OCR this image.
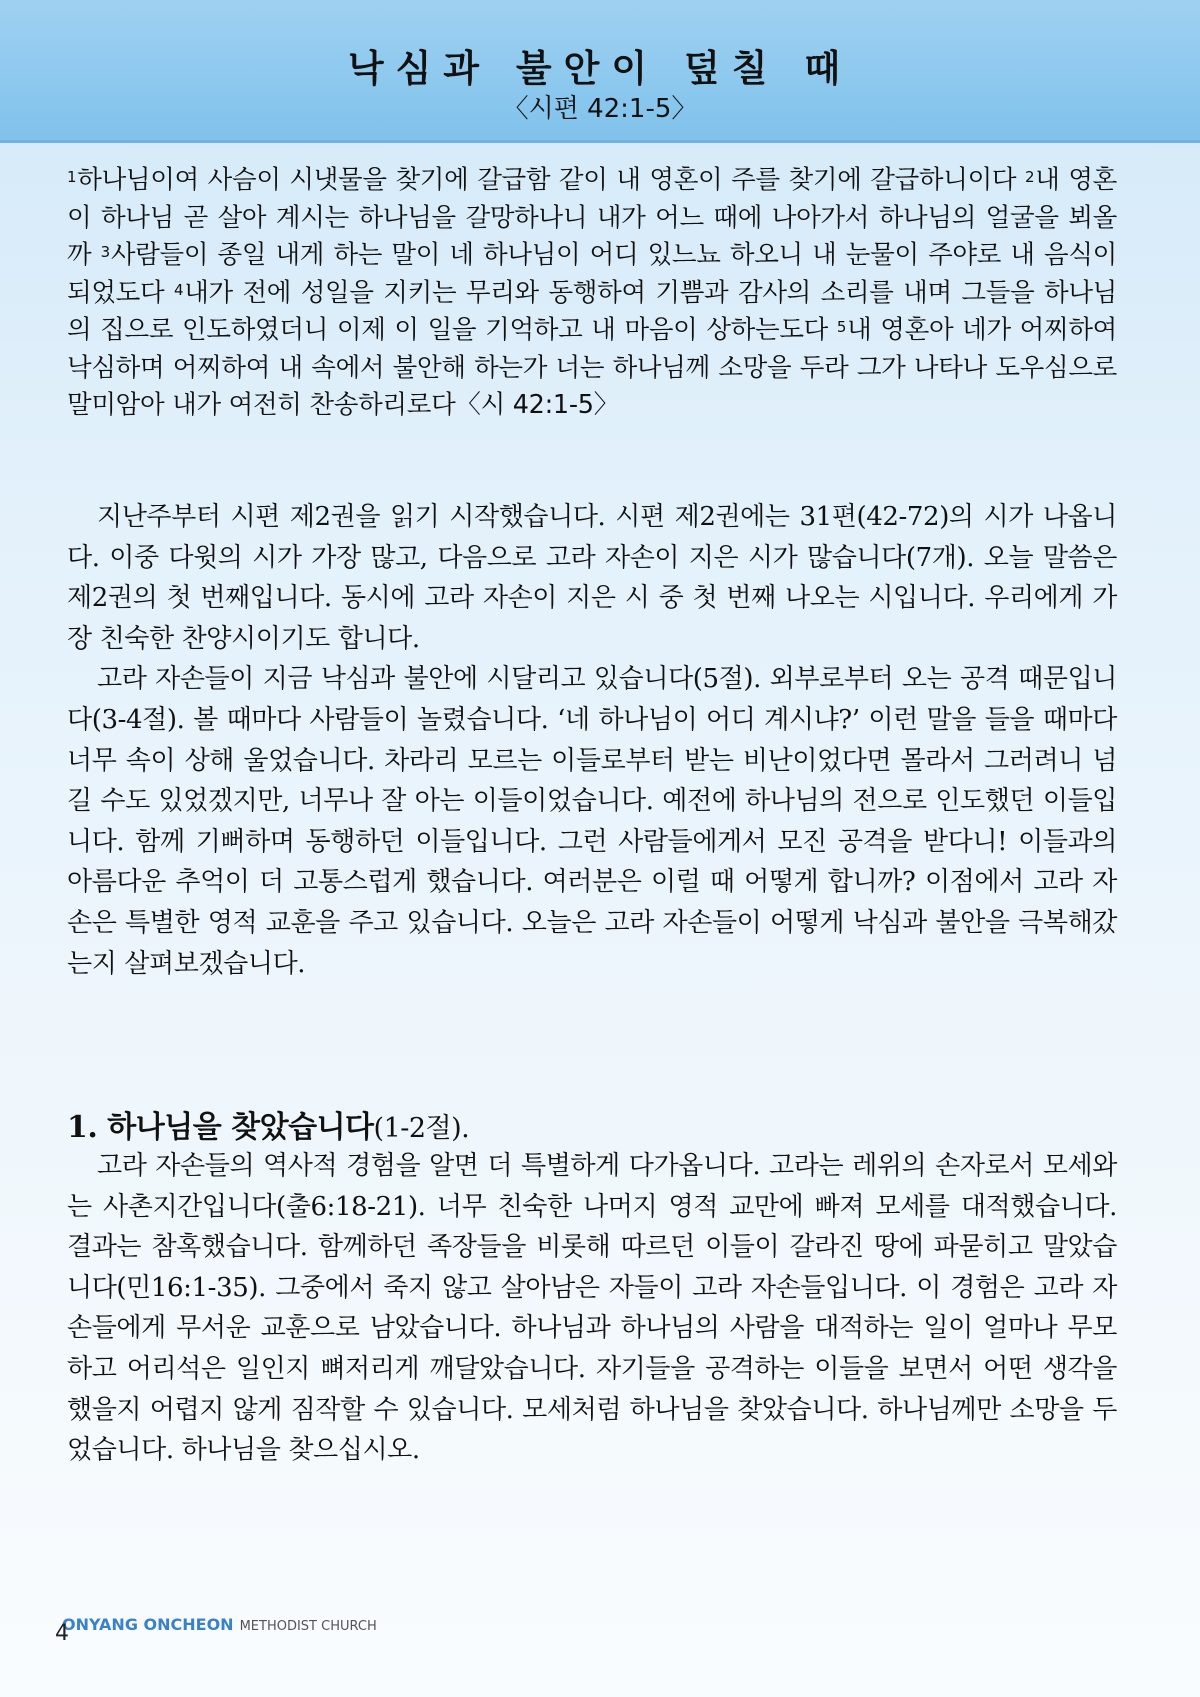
낙심과 불안이 덮칠 때
〈시편 42:1-5〉
$^1$하나님이여 사슴이 시냇물을 찾기에 갈급함 같이 내 영혼이 주를 찾기에 갈급하니이다 $^2$내 영혼이 하나님 곧 살아 계시는 하나님을 갈망하나니 내가 어느 때에 나아가서 하나님의 얼굴을 뵈올까 $^3$사람들이 종일 내게 하는 말이 네 하나님이 어디 있느뇨 하오니 내 눈물이 주야로 내 음식이 되었도다 $^4$내가 전에 성일을 지키는 무리와 동행하여 기쁨과 감사의 소리를 내며 그들을 하나님의 집으로 인도하였더니 이제 이 일을 기억하고 내 마음이 상하는도다 $^5$내 영혼아 네가 어찌하여 낙심하며 어찌하여 내 속에서 불안해 하는가 너는 하나님께 소망을 두라 그가 나타나 도우심으로 말미암아 내가 여전히 찬송하리로다〈시 42:1-5〉

지난주부터 시편 제2권을 읽기 시작했습니다. 시편 제2권에는 31편(42-72)의 시가 나옵니다. 이중 다윗의 시가 가장 많고, 다음으로 고라 자손이 지은 시가 많습니다(7개). 오늘 말씀은 제2권의 첫 번째입니다. 동시에 고라 자손이 지은 시 중 첫 번째 나오는 시입니다. 우리에게 가장 친숙한 찬양시이기도 합니다.

고라 자손들이 지금 낙심과 불안에 시달리고 있습니다(5절). 외부로부터 오는 공격 때문입니다(3-4절). 볼 때마다 사람들이 놀렸습니다. ‘네 하나님이 어디 계시냐?’ 이런 말을 들을 때마다 너무 속이 상해 울었습니다. 차라리 모르는 이들로부터 받는 비난이었다면 몰라서 그러려니 넘길 수도 있었겠지만, 너무나 잘 아는 이들이었습니다. 예전에 하나님의 전으로 인도했던 이들입니다. 함께 기뻐하며 동행하던 이들입니다. 그런 사람들에게서 모진 공격을 받다니! 이들과의 아름다운 추억이 더 고통스럽게 했습니다. 여러분은 이럴 때 어떻게 합니까? 이점에서 고라 자손은 특별한 영적 교훈을 주고 있습니다. 오늘은 고라 자손들이 어떻게 낙심과 불안을 극복해갔는지 살펴보겠습니다.

1. 하나님을 찾았습니다(1-2절).

고라 자손들의 역사적 경험을 알면 더 특별하게 다가옵니다. 고라는 레위의 손자로서 모세와는 사촌지간입니다(출6:18-21). 너무 친숙한 나머지 영적 교만에 빠져 모세를 대적했습니다. 결과는 참혹했습니다. 함께하던 족장들을 비롯해 따르던 이들이 갈라진 땅에 파묻히고 말았습니다(민16:1-35). 그중에서 죽지 않고 살아남은 자들이 고라 자손들입니다. 이 경험은 고라 자손들에게 무서운 교훈으로 남았습니다. 하나님과 하나님의 사람을 대적하는 일이 얼마나 무모하고 어리석은 일인지 뼈저리게 깨달았습니다. 자기들을 공격하는 이들을 보면서 어떤 생각을 했을지 어렵지 않게 짐작할 수 있습니다. 모세처럼 하나님을 찾았습니다. 하나님께만 소망을 두었습니다. 하나님을 찾으십시오.

ONYANG ONCHEON METHODIST CHURCH
4
